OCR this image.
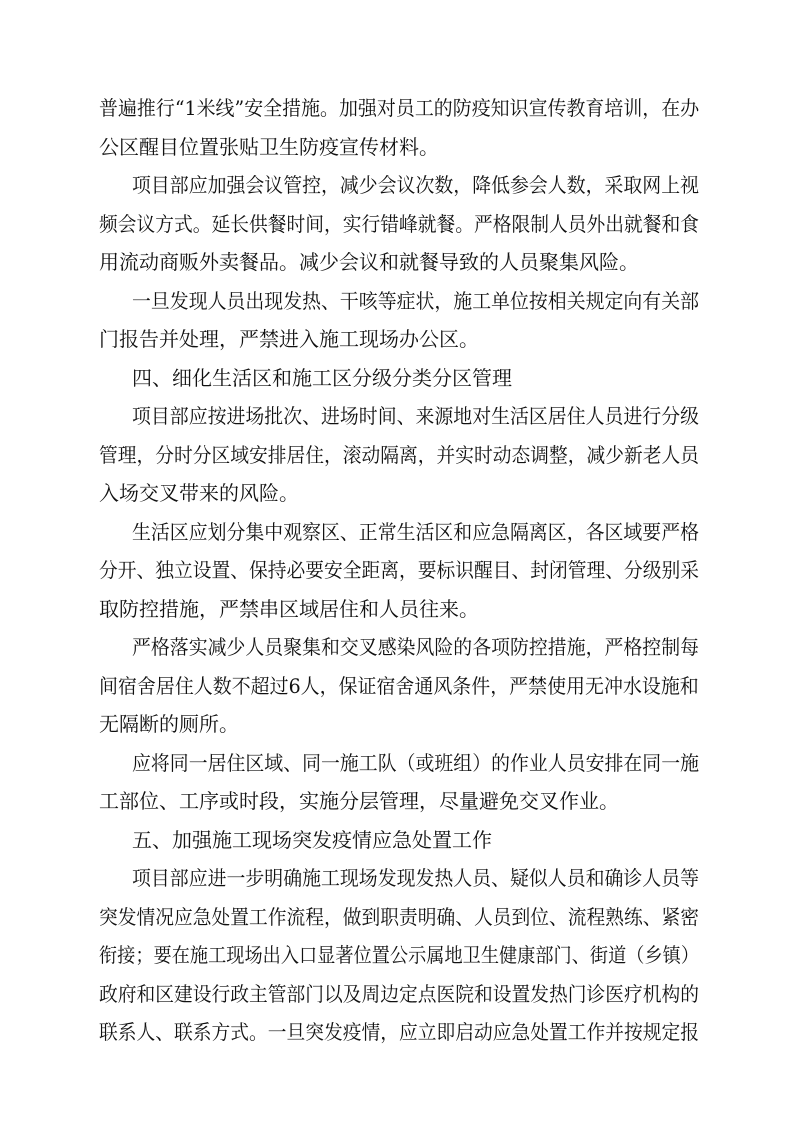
普遍推行“1米线”安全措施。加强对员工的防疫知识宣传教育培训，在办
公区醒目位置张贴卫生防疫宣传材料。
项目部应加强会议管控，减少会议次数，降低参会人数，采取网上视
频会议方式。延长供餐时间，实行错峰就餐。严格限制人员外出就餐和食
用流动商贩外卖餐品。减少会议和就餐导致的人员聚集风险。
一旦发现人员出现发热、干咳等症状，施工单位按相关规定向有关部
门报告并处理，严禁进入施工现场办公区。
四、细化生活区和施工区分级分类分区管理
项目部应按进场批次、进场时间、来源地对生活区居住人员进行分级
管理，分时分区域安排居住，滚动隔离，并实时动态调整，减少新老人员
入场交叉带来的风险。
生活区应划分集中观察区、正常生活区和应急隔离区，各区域要严格
分开、独立设置、保持必要安全距离，要标识醒目、封闭管理、分级别采
取防控措施，严禁串区域居住和人员往来。
严格落实减少人员聚集和交叉感染风险的各项防控措施，严格控制每
间宿舍居住人数不超过6人，保证宿舍通风条件，严禁使用无冲水设施和
无隔断的厕所。
应将同一居住区域、同一施工队（或班组）的作业人员安排在同一施
工部位、工序或时段，实施分层管理，尽量避免交叉作业。
五、加强施工现场突发疫情应急处置工作
项目部应进一步明确施工现场发现发热人员、疑似人员和确诊人员等
突发情况应急处置工作流程，做到职责明确、人员到位、流程熟练、紧密
衔接；要在施工现场出入口显著位置公示属地卫生健康部门、街道（乡镇）
政府和区建设行政主管部门以及周边定点医院和设置发热门诊医疗机构的
联系人、联系方式。一旦突发疫情，应立即启动应急处置工作并按规定报
